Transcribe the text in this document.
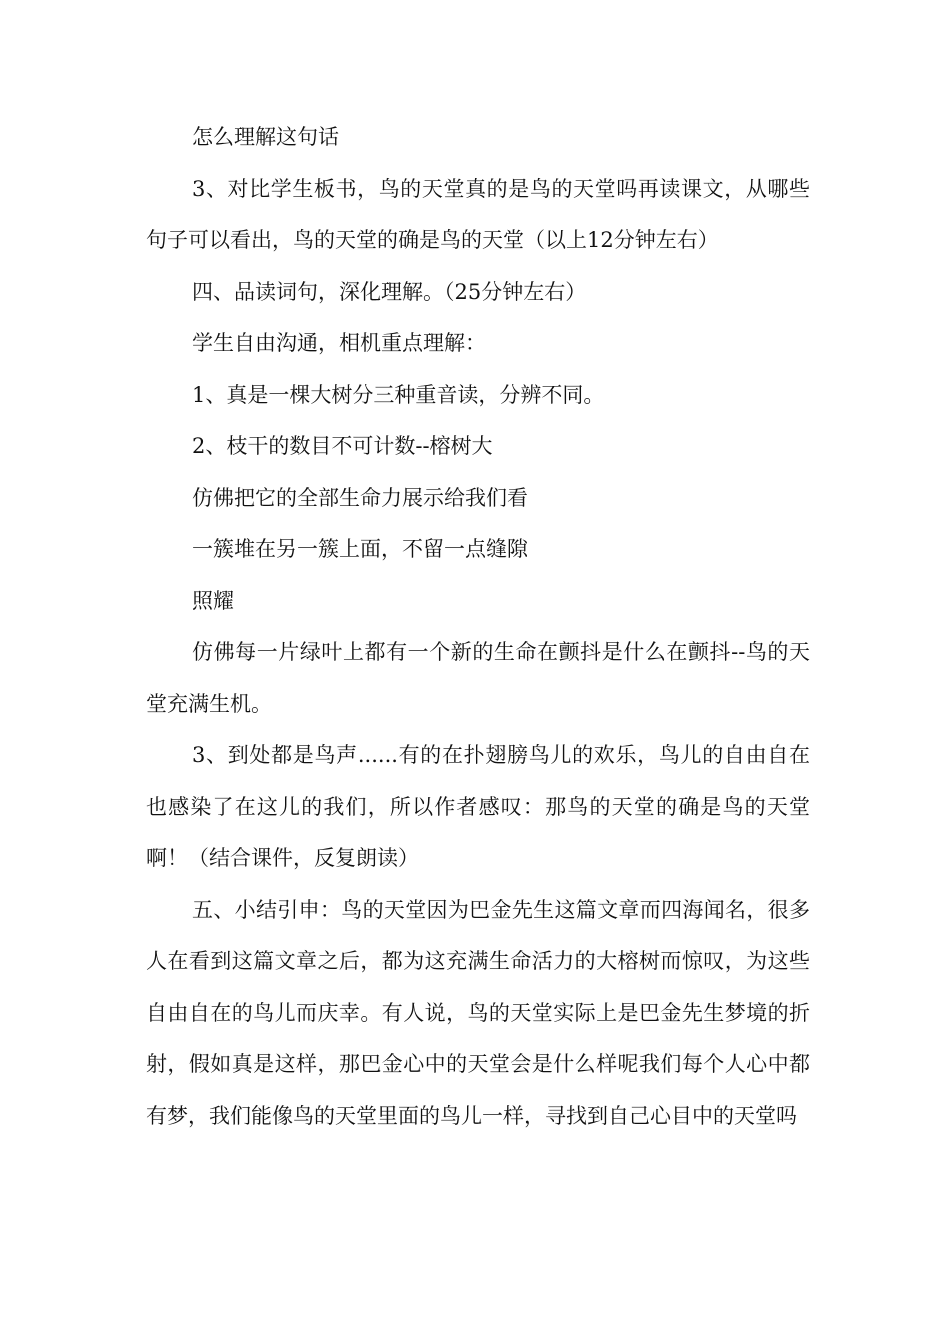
怎么理解这句话

3、对比学生板书，鸟的天堂真的是鸟的天堂吗再读课文，从哪些句子可以看出，鸟的天堂的确是鸟的天堂（以上12分钟左右）

四、品读词句，深化理解。（25分钟左右）

学生自由沟通，相机重点理解：

1、真是一棵大树分三种重音读，分辨不同。

2、枝干的数目不可计数--榕树大

仿佛把它的全部生命力展示给我们看

一簇堆在另一簇上面，不留一点缝隙

照耀

仿佛每一片绿叶上都有一个新的生命在颤抖是什么在颤抖--鸟的天堂充满生机。

3、到处都是鸟声......有的在扑翅膀鸟儿的欢乐，鸟儿的自由自在也感染了在这儿的我们，所以作者感叹：那鸟的天堂的确是鸟的天堂啊！（结合课件，反复朗读）

五、小结引申：鸟的天堂因为巴金先生这篇文章而四海闻名，很多人在看到这篇文章之后，都为这充满生命活力的大榕树而惊叹，为这些自由自在的鸟儿而庆幸。有人说，鸟的天堂实际上是巴金先生梦境的折射，假如真是这样，那巴金心中的天堂会是什么样呢我们每个人心中都有梦，我们能像鸟的天堂里面的鸟儿一样，寻找到自己心目中的天堂吗
